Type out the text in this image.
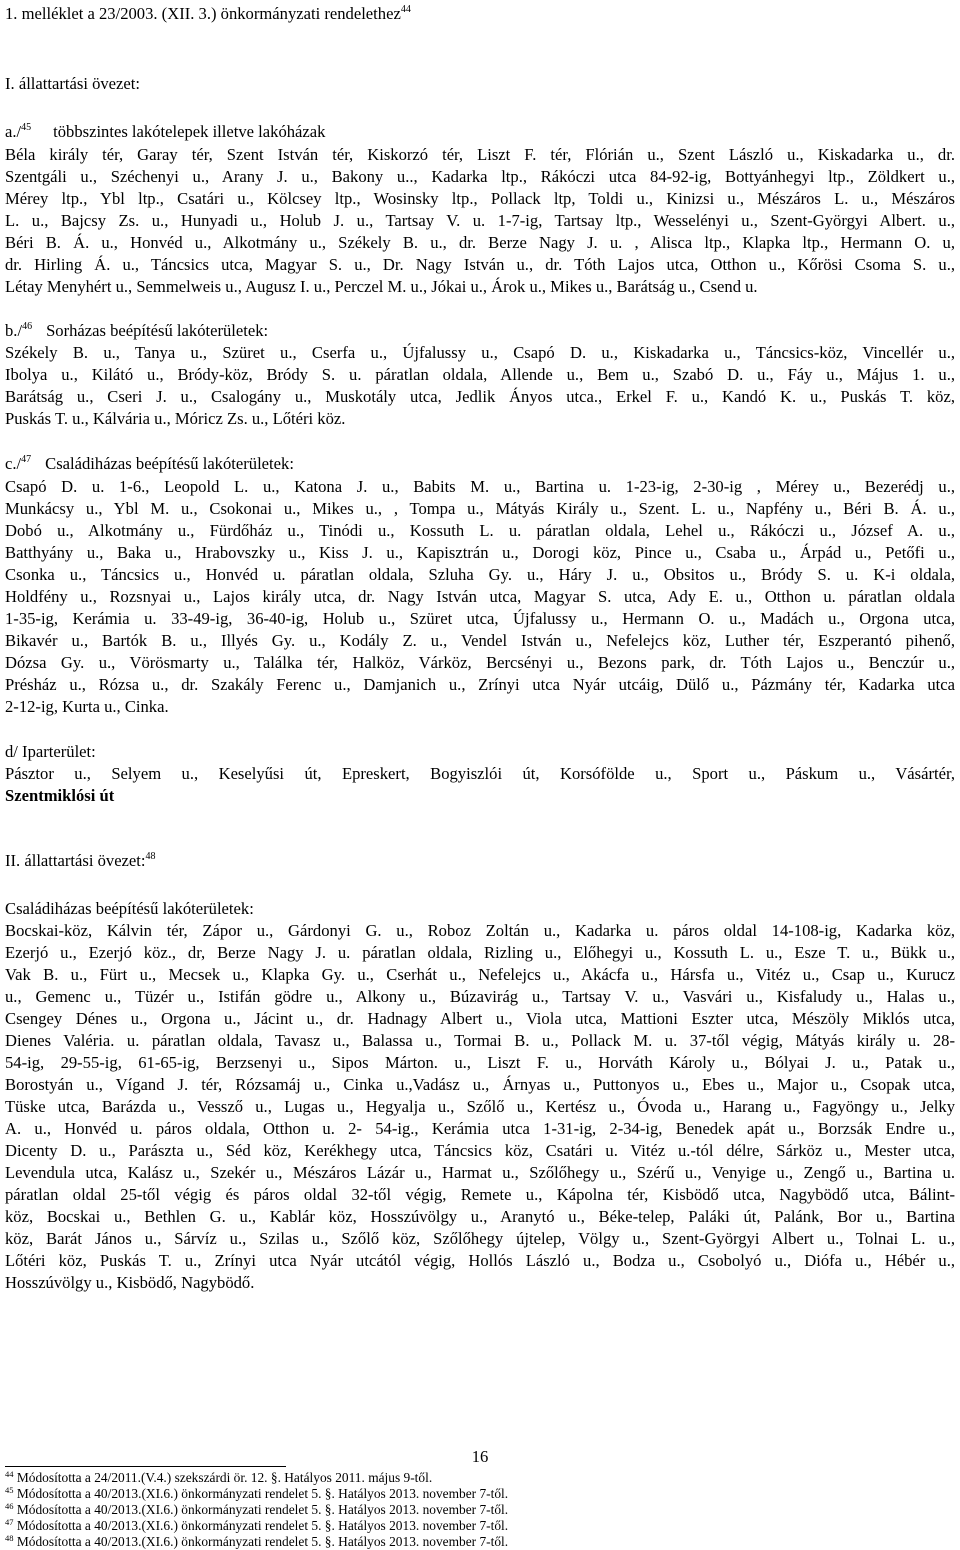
1. melléklet a 23/2003. (XII. 3.) önkormányzati rendelethez$^{44}$
I. állattartási övezet:
a./$^{45}$ többszintes lakótelepek illetve lakóházak
Béla király tér, Garay tér, Szent István tér, Kiskorzó tér, Liszt F. tér, Flórián u., Szent László u., Kiskadarka u., dr.
Szentgáli u., Széchenyi u., Arany J. u., Bakony u.., Kadarka ltp., Rákóczi utca 84-92-ig, Bottyánhegyi ltp., Zöldkert u.,
Mérey ltp., Ybl ltp., Csatári u., Kölcsey ltp., Wosinsky ltp., Pollack ltp, Toldi u., Kinizsi u., Mészáros L. u., Mészáros
L. u., Bajcsy Zs. u., Hunyadi u., Holub J. u., Tartsay V. u. 1-7-ig, Tartsay ltp., Wesselényi u., Szent-Györgyi Albert. u.,
Béri B. Á. u., Honvéd u., Alkotmány u., Székely B. u., dr. Berze Nagy J. u. , Alisca ltp., Klapka ltp., Hermann O. u,
dr. Hirling Á. u., Táncsics utca, Magyar S. u., Dr. Nagy István u., dr. Tóth Lajos utca, Otthon u., Kőrösi Csoma S. u.,
Létay Menyhért u., Semmelweis u., Augusz I. u., Perczel M. u., Jókai u., Árok u., Mikes u., Barátság u., Csend u.
b./$^{46}$ Sorházas beépítésű lakóterületek:
Székely B. u., Tanya u., Szüret u., Cserfa u., Újfalussy u., Csapó D. u., Kiskadarka u., Táncsics-köz, Vincellér u.,
Ibolya u., Kilátó u., Bródy-köz, Bródy S. u. páratlan oldala, Allende u., Bem u., Szabó D. u., Fáy u., Május 1. u.,
Barátság u., Cseri J. u., Csalogány u., Muskotály utca, Jedlik Ányos utca., Erkel F. u., Kandó K. u., Puskás T. köz,
Puskás T. u., Kálvária u., Móricz Zs. u., Lőtéri köz.
c./$^{47}$ Családiházas beépítésű lakóterületek:
Csapó D. u. 1-6., Leopold L. u., Katona J. u., Babits M. u., Bartina u. 1-23-ig, 2-30-ig , Mérey u., Bezerédj u.,
Munkácsy u., Ybl M. u., Csokonai u., Mikes u., , Tompa u., Mátyás Király u., Szent. L. u., Napfény u., Béri B. Á. u.,
Dobó u., Alkotmány u., Fürdőház u., Tinódi u., Kossuth L. u. páratlan oldala, Lehel u., Rákóczi u., József A. u.,
Batthyány u., Baka u., Hrabovszky u., Kiss J. u., Kapisztrán u., Dorogi köz, Pince u., Csaba u., Árpád u., Petőfi u.,
Csonka u., Táncsics u., Honvéd u. páratlan oldala, Szluha Gy. u., Háry J. u., Obsitos u., Bródy S. u. K-i oldala,
Holdfény u., Rozsnyai u., Lajos király utca, dr. Nagy István utca, Magyar S. utca, Ady E. u., Otthon u. páratlan oldala
1-35-ig, Kerámia u. 33-49-ig, 36-40-ig, Holub u., Szüret utca, Újfalussy u., Hermann O. u., Madách u., Orgona utca,
Bikavér u., Bartók B. u., Illyés Gy. u., Kodály Z. u., Vendel István u., Nefelejcs köz, Luther tér, Eszperantó pihenő,
Dózsa Gy. u., Vörösmarty u., Találka tér, Halköz, Várköz, Bercsényi u., Bezons park, dr. Tóth Lajos u., Benczúr u.,
Présház u., Rózsa u., dr. Szakály Ferenc u., Damjanich u., Zrínyi utca Nyár utcáig, Dülő u., Pázmány tér, Kadarka utca
2-12-ig, Kurta u., Cinka.
d/ Iparterület:
Pásztor u., Selyem u., Keselyűsi út, Epreskert, Bogyiszlói út, Korsófölde u., Sport u., Páskum u., Vásártér,
Szentmiklósi út
II. állattartási övezet:$^{48}$
Családiházas beépítésű lakóterületek:
Bocskai-köz, Kálvin tér, Zápor u., Gárdonyi G. u., Roboz Zoltán u., Kadarka u. páros oldal 14-108-ig, Kadarka köz,
Ezerjó u., Ezerjó köz., dr, Berze Nagy J. u. páratlan oldala, Rizling u., Előhegyi u., Kossuth L. u., Esze T. u., Bükk u.,
Vak B. u., Fürt u., Mecsek u., Klapka Gy. u., Cserhát u., Nefelejcs u., Akácfa u., Hársfa u., Vitéz u., Csap u., Kurucz
u., Gemenc u., Tüzér u., Istifán gödre u., Alkony u., Búzavirág u., Tartsay V. u., Vasvári u., Kisfaludy u., Halas u.,
Csengey Dénes u., Orgona u., Jácint u., dr. Hadnagy Albert u., Viola utca, Mattioni Eszter utca, Mészöly Miklós utca,
Dienes Valéria. u. páratlan oldala, Tavasz u., Balassa u., Tormai B. u., Pollack M. u. 37-től végig, Mátyás király u. 28-
54-ig, 29-55-ig, 61-65-ig, Berzsenyi u., Sipos Márton. u., Liszt F. u., Horváth Károly u., Bólyai J. u., Patak u.,
Borostyán u., Vígand J. tér, Rózsamáj u., Cinka u.,Vadász u., Árnyas u., Puttonyos u., Ebes u., Major u., Csopak utca,
Tüske utca, Barázda u., Vessző u., Lugas u., Hegyalja u., Szőlő u., Kertész u., Óvoda u., Harang u., Fagyöngy u., Jelky
A. u., Honvéd u. páros oldala, Otthon u. 2- 54-ig., Kerámia utca 1-31-ig, 2-34-ig, Benedek apát u., Borzsák Endre u.,
Dicenty D. u., Parászta u., Séd köz, Kerékhegy utca, Táncsics köz, Csatári u. Vitéz u.-tól délre, Sárköz u., Mester utca,
Levendula utca, Kalász u., Szekér u., Mészáros Lázár u., Harmat u., Szőlőhegy u., Szérű u., Venyige u., Zengő u., Bartina u.
páratlan oldal 25-től végig és páros oldal 32-től végig, Remete u., Kápolna tér, Kisbödő utca, Nagybödő utca, Bálint-
köz, Bocskai u., Bethlen G. u., Kablár köz, Hosszúvölgy u., Aranytó u., Béke-telep, Paláki út, Palánk, Bor u., Bartina
köz, Barát János u., Sárvíz u., Szilas u., Szőlő köz, Szőlőhegy újtelep, Völgy u., Szent-Györgyi Albert u., Tolnai L. u.,
Lőtéri köz, Puskás T. u., Zrínyi utca Nyár utcától végig, Hollós László u., Bodza u., Csobolyó u., Diófa u., Hébér u.,
Hosszúvölgy u., Kisbödő, Nagybödő.
$^{44}$ Módosította a 24/2011.(V.4.) szekszárdi ör. 12. §. Hatályos 2011. május 9-től.
$^{45}$ Módosította a 40/2013.(XI.6.) önkormányzati rendelet 5. §. Hatályos 2013. november 7-től.
$^{46}$ Módosította a 40/2013.(XI.6.) önkormányzati rendelet 5. §. Hatályos 2013. november 7-től.
$^{47}$ Módosította a 40/2013.(XI.6.) önkormányzati rendelet 5. §. Hatályos 2013. november 7-től.
$^{48}$ Módosította a 40/2013.(XI.6.) önkormányzati rendelet 5. §. Hatályos 2013. november 7-től.
16
